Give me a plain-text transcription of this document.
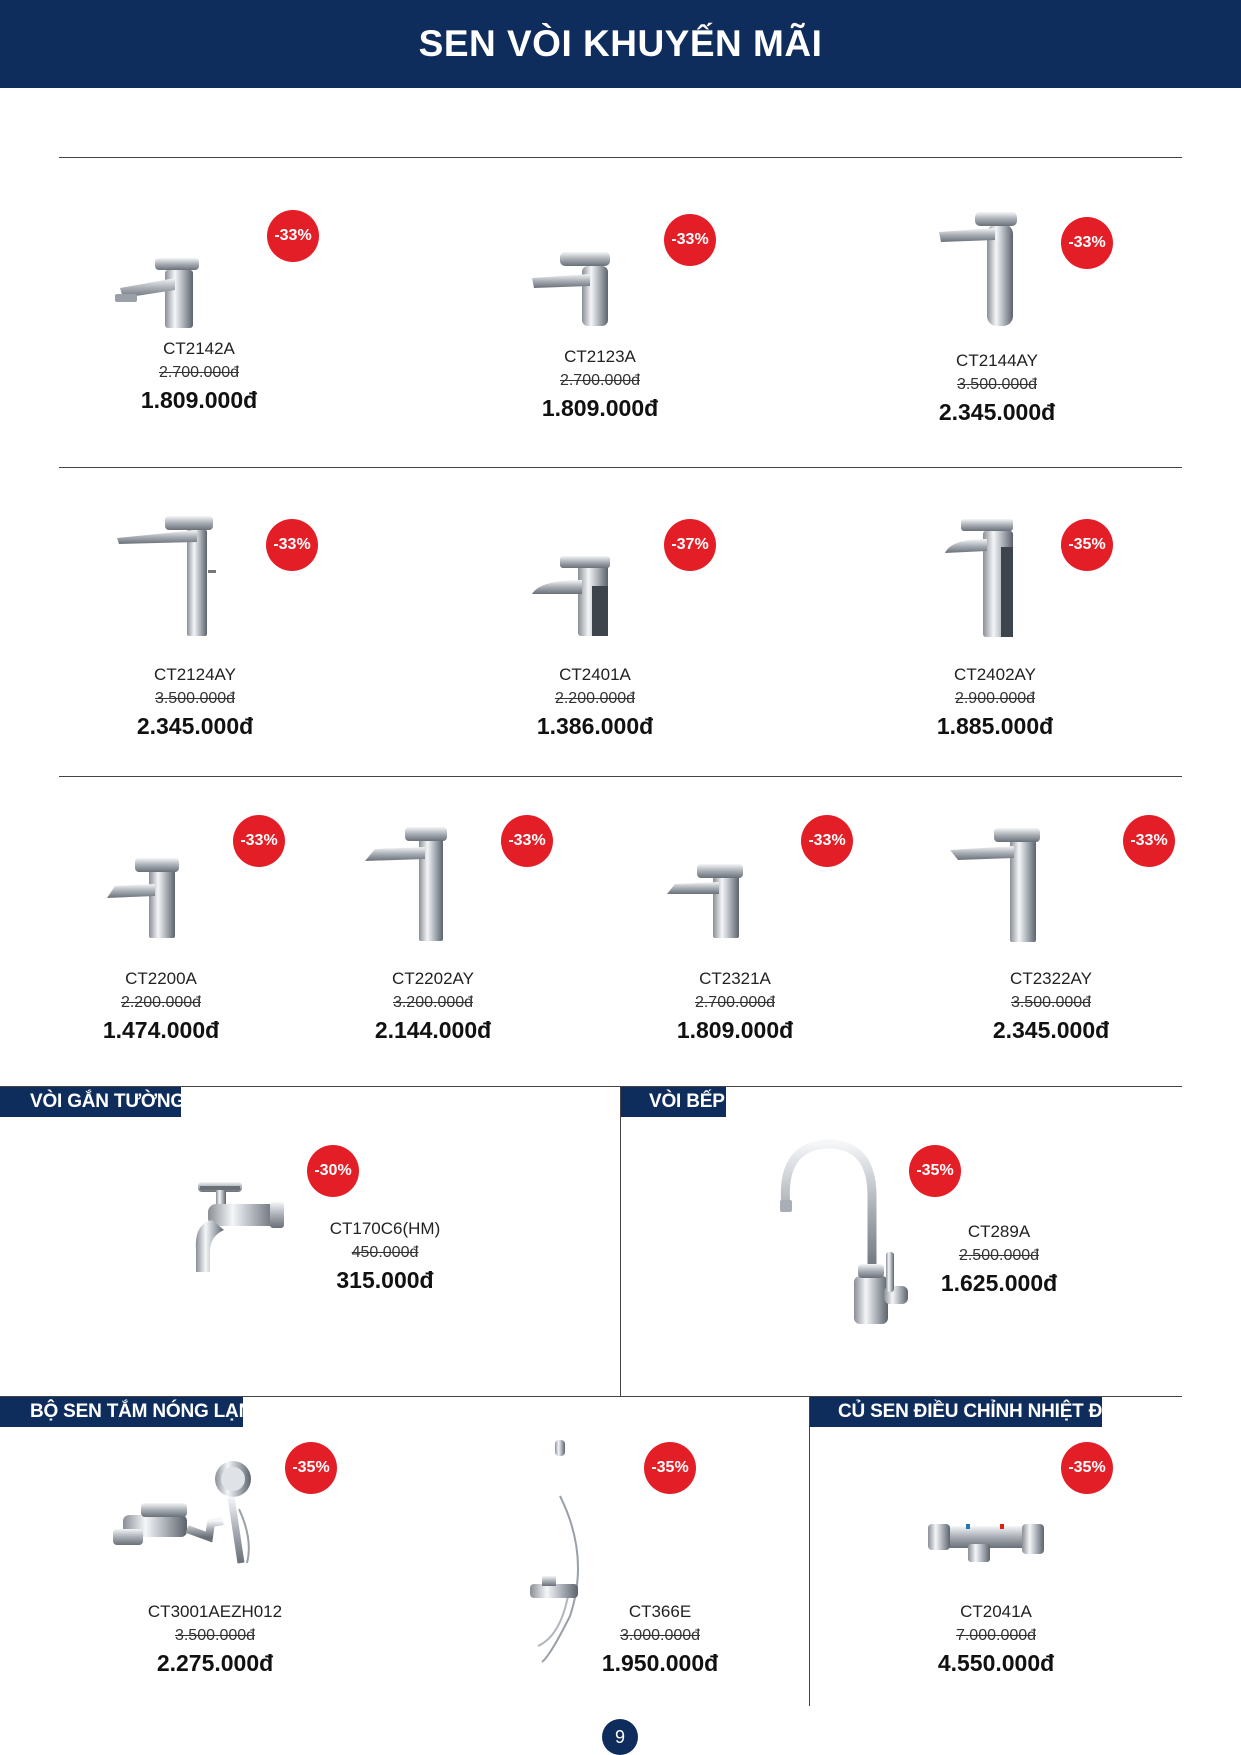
SEN VÒI KHUYẾN MÃI
-33%
CT2142A
2.700.000đ
1.809.000đ
-33%
CT2123A
2.700.000đ
1.809.000đ
-33%
CT2144AY
3.500.000đ
2.345.000đ
-33%
CT2124AY
3.500.000đ
2.345.000đ
-37%
CT2401A
2.200.000đ
1.386.000đ
-35%
CT2402AY
2.900.000đ
1.885.000đ
-33%
CT2200A
2.200.000đ
1.474.000đ
-33%
CT2202AY
3.200.000đ
2.144.000đ
-33%
CT2321A
2.700.000đ
1.809.000đ
-33%
CT2322AY
3.500.000đ
2.345.000đ
VÒI GẮN TƯỜNG
-30%
CT170C6(HM)
450.000đ
315.000đ
VÒI BẾP
-35%
CT289A
2.500.000đ
1.625.000đ
BỘ SEN TẮM NÓNG LẠNH
-35%
CT3001AEZH012
3.500.000đ
2.275.000đ
-35%
CT366E
3.000.000đ
1.950.000đ
CỦ SEN ĐIỀU CHỈNH NHIỆT ĐỘ
-35%
CT2041A
7.000.000đ
4.550.000đ
9
